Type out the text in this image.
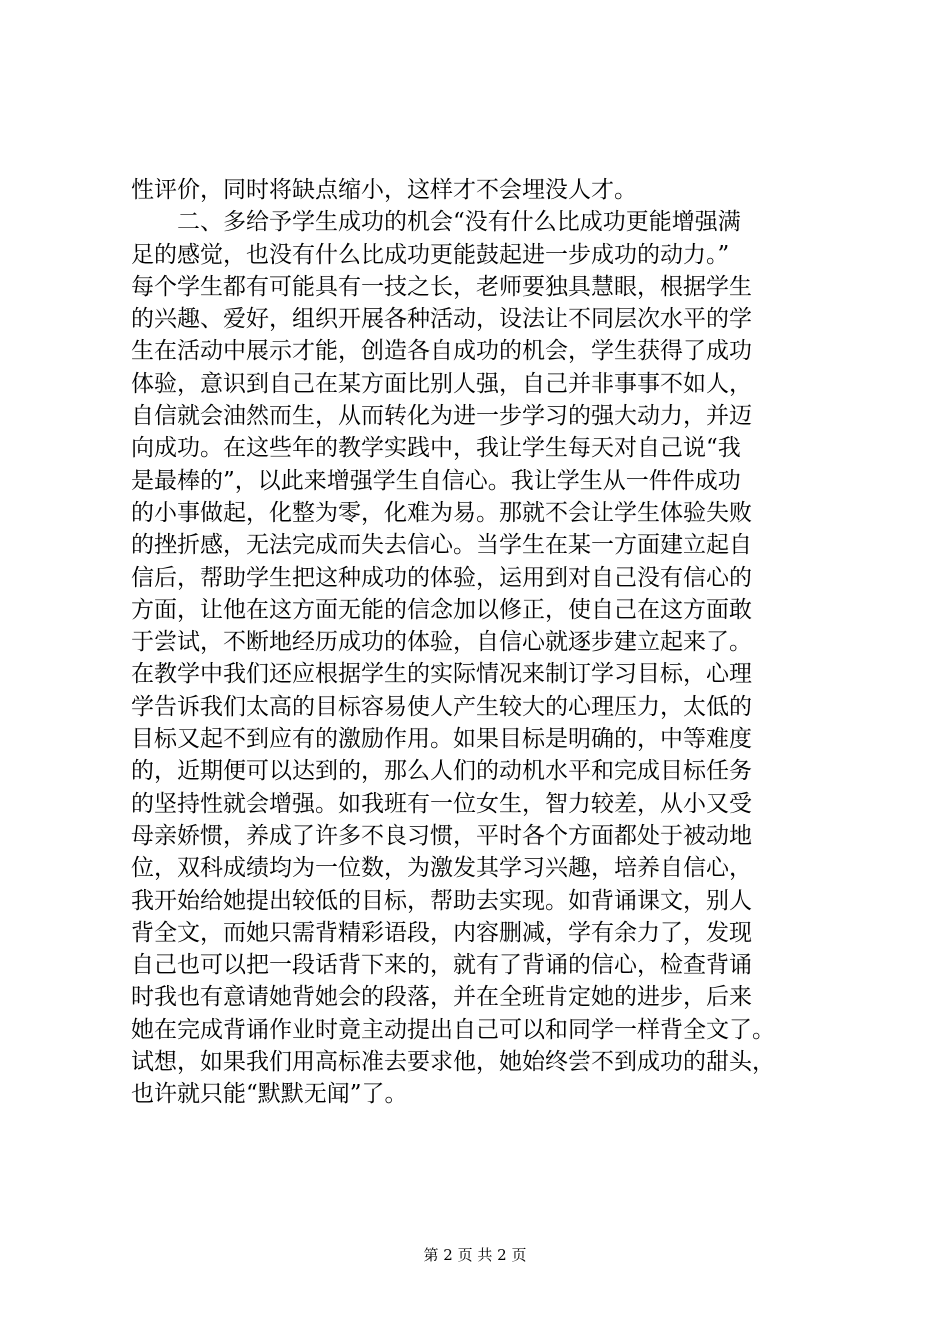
性评价，同时将缺点缩小，这样才不会埋没人才。
　　二、多给予学生成功的机会“没有什么比成功更能增强满
足的感觉，也没有什么比成功更能鼓起进一步成功的动力。”
每个学生都有可能具有一技之长，老师要独具慧眼，根据学生
的兴趣、爱好，组织开展各种活动，设法让不同层次水平的学
生在活动中展示才能，创造各自成功的机会，学生获得了成功
体验，意识到自己在某方面比别人强，自己并非事事不如人，
自信就会油然而生，从而转化为进一步学习的强大动力，并迈
向成功。在这些年的教学实践中，我让学生每天对自己说“我
是最棒的”，以此来增强学生自信心。我让学生从一件件成功
的小事做起，化整为零，化难为易。那就不会让学生体验失败
的挫折感，无法完成而失去信心。当学生在某一方面建立起自
信后，帮助学生把这种成功的体验，运用到对自己没有信心的
方面，让他在这方面无能的信念加以修正，使自己在这方面敢
于尝试，不断地经历成功的体验，自信心就逐步建立起来了。
在教学中我们还应根据学生的实际情况来制订学习目标，心理
学告诉我们太高的目标容易使人产生较大的心理压力，太低的
目标又起不到应有的激励作用。如果目标是明确的，中等难度
的，近期便可以达到的，那么人们的动机水平和完成目标任务
的坚持性就会增强。如我班有一位女生，智力较差，从小又受
母亲娇惯，养成了许多不良习惯，平时各个方面都处于被动地
位，双科成绩均为一位数，为激发其学习兴趣，培养自信心，
我开始给她提出较低的目标，帮助去实现。如背诵课文，别人
背全文，而她只需背精彩语段，内容删减，学有余力了，发现
自己也可以把一段话背下来的，就有了背诵的信心，检查背诵
时我也有意请她背她会的段落，并在全班肯定她的进步，后来
她在完成背诵作业时竟主动提出自己可以和同学一样背全文了。
试想，如果我们用高标准去要求他，她始终尝不到成功的甜头，
也许就只能“默默无闻”了。
第 2 页 共 2 页
